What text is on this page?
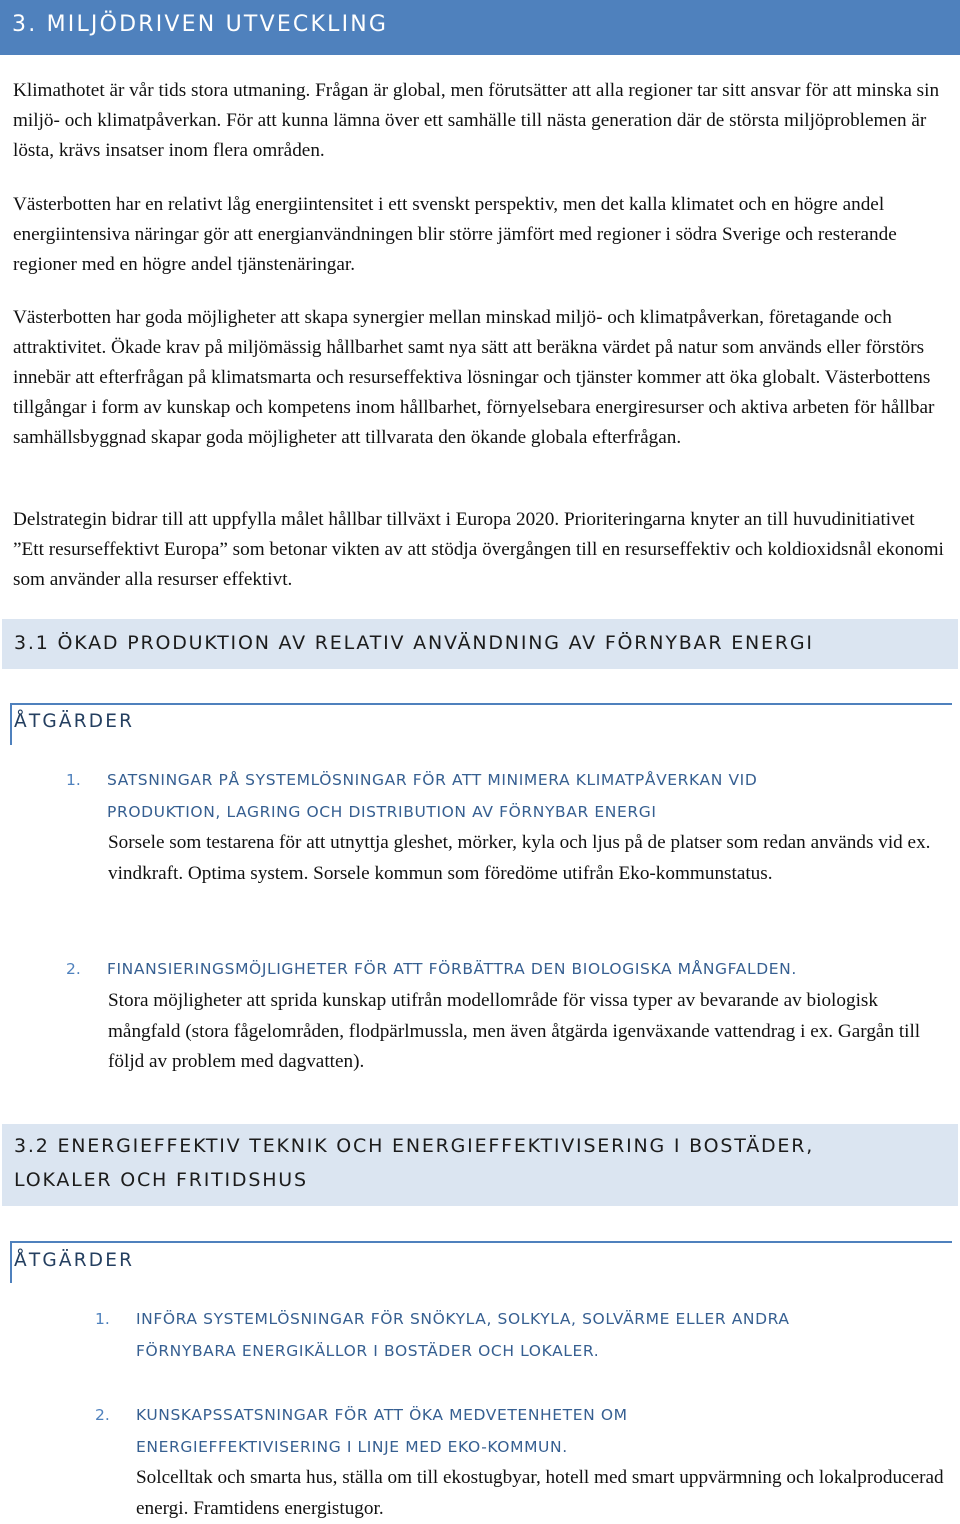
3. MILJÖDRIVEN UTVECKLING

Klimathotet är vår tids stora utmaning. Frågan är global, men förutsätter att alla regioner tar sitt ansvar för att minska sin miljö- och klimatpåverkan. För att kunna lämna över ett samhälle till nästa generation där de största miljöproblemen är lösta, krävs insatser inom flera områden.

Västerbotten har en relativt låg energiintensitet i ett svenskt perspektiv, men det kalla klimatet och en högre andel energiintensiva näringar gör att energianvändningen blir större jämfört med regioner i södra Sverige och resterande regioner med en högre andel tjänstenäringar.

Västerbotten har goda möjligheter att skapa synergier mellan minskad miljö- och klimatpåverkan, företagande och attraktivitet. Ökade krav på miljömässig hållbarhet samt nya sätt att beräkna värdet på natur som används eller förstörs innebär att efterfrågan på klimatsmarta och resurseffektiva lösningar och tjänster kommer att öka globalt. Västerbottens tillgångar i form av kunskap och kompetens inom hållbarhet, förnyelsebara energiresurser och aktiva arbeten för hållbar samhällsbyggnad skapar goda möjligheter att tillvarata den ökande globala efterfrågan.

Delstrategin bidrar till att uppfylla målet hållbar tillväxt i Europa 2020. Prioriteringarna knyter an till huvudinitiativet ”Ett resurseffektivt Europa” som betonar vikten av att stödja övergången till en resurseffektiv och koldioxidsnål ekonomi som använder alla resurser effektivt.

3.1 ÖKAD PRODUKTION AV RELATIV ANVÄNDNING AV FÖRNYBAR ENERGI
ÅTGÄRDER
1. SATSNINGAR PÅ SYSTEMLÖSNINGAR FÖR ATT MINIMERA KLIMATPÅVERKAN VID
PRODUKTION, LAGRING OCH DISTRIBUTION AV FÖRNYBAR ENERGI

Sorsele som testarena för att utnyttja gleshet, mörker, kyla och ljus på de platser som redan används vid ex. vindkraft. Optima system. Sorsele kommun som föredöme utifrån Eko-kommunstatus.

2. FINANSIERINGSMÖJLIGHETER FÖR ATT FÖRBÄTTRA DEN BIOLOGISKA MÅNGFALDEN.

Stora möjligheter att sprida kunskap utifrån modellområde för vissa typer av bevarande av biologisk mångfald (stora fågelområden, flodpärlmussla, men även åtgärda igenväxande vattendrag i ex. Gargån till följd av problem med dagvatten).

3.2 ENERGIEFFEKTIV TEKNIK OCH ENERGIEFFEKTIVISERING I BOSTÄDER,
LOKALER OCH FRITIDSHUS
ÅTGÄRDER
1. INFÖRA SYSTEMLÖSNINGAR FÖR SNÖKYLA, SOLKYLA, SOLVÄRME ELLER ANDRA
FÖRNYBARA ENERGIKÄLLOR I BOSTÄDER OCH LOKALER.
2. KUNSKAPSSATSNINGAR FÖR ATT ÖKA MEDVETENHETEN OM
ENERGIEFFEKTIVISERING I LINJE MED EKO-KOMMUN.

Solcelltak och smarta hus, ställa om till ekostugbyar, hotell med smart uppvärmning och lokalproducerad energi. Framtidens energistugor.
